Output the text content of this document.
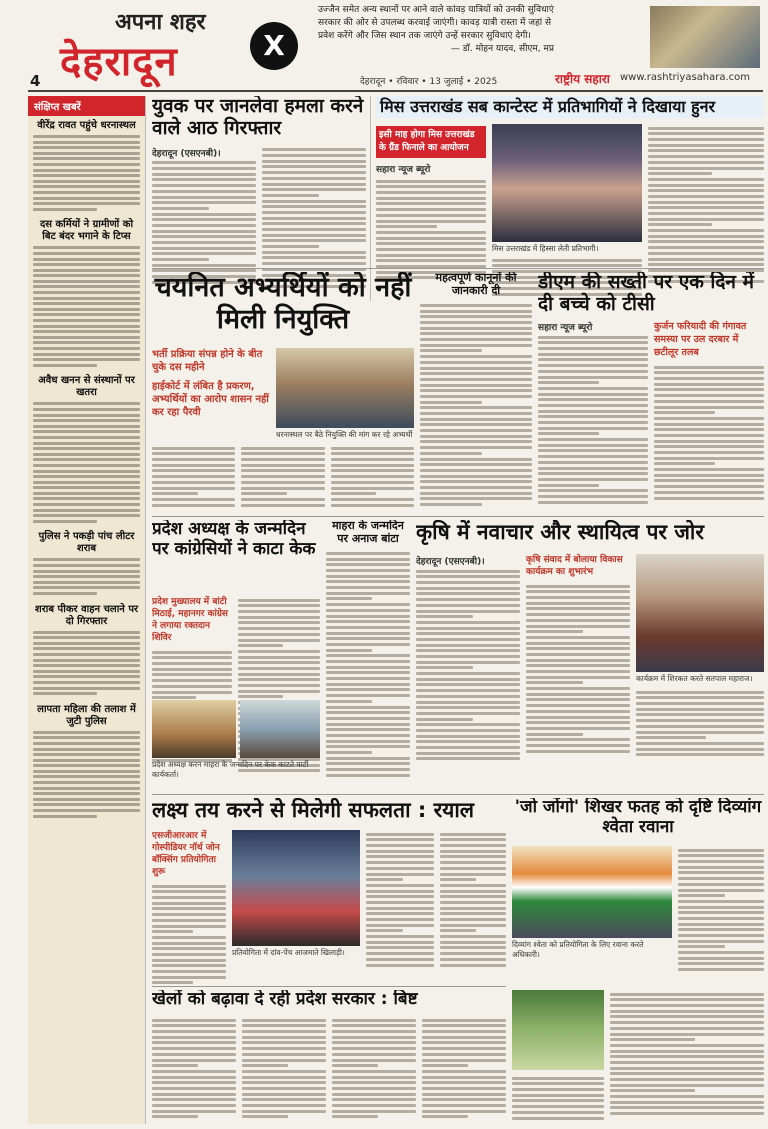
4
अपना शहर
देहरादून	X
उज्जैन समेत अन्य स्थानों पर आने वाले कांवड़ यात्रियों को उनकी सुविधाएं सरकार की ओर से उपलब्ध करवाई जाएंगी। कावड़ यात्री रास्ता में जहां से प्रवेश करेंगे और जिस स्थान तक जाएंगे उन्हें सरकार सुविधाएं देगी।
— डॉ. मोहन यादव, सीएम, मप्र
देहरादून • रविवार • 13 जुलाई • 2025	राष्ट्रीय सहारा www.rashtriyasahara.com
संक्षिप्त खबरें
वीरेंद्र रावत पहुंचे धरनास्थल
दस कर्मियों ने ग्रामीणों को बिट बंदर भगाने के टिप्स
अवैध खनन से संस्थानों पर खतरा
पुलिस ने पकड़ी पांच लीटर शराब
शराब पीकर वाहन चलाने पर दो गिरफ्तार
लापता महिला की तलाश में जुटी पुलिस
युवक पर जानलेवा हमला करने वाले आठ गिरफ्तार
देहरादून (एसएनबी)।
मिस उत्तराखंड सब कान्टेस्ट में प्रतिभागियों ने दिखाया हुनर
इसी माह होगा मिस उत्तराखंड के ग्रैंड फिनाले का आयोजन
सहारा न्यूज ब्यूरो
मिस उत्तराखंड में हिस्सा लेती प्रतिभागी।
चयनित अभ्यर्थियों को नहीं मिली नियुक्ति
भर्ती प्रक्रिया संपन्न होने के बीत चुके दस महीने
हाईकोर्ट में लंबित है प्रकरण, अभ्यर्थियों का आरोप शासन नहीं कर रहा पैरवी
धरनास्थल पर बैठे नियुक्ति की मांग कर रहे अभ्यर्थी
महत्वपूर्ण कानूनों की जानकारी दी	डीएम की सख्ती पर एक दिन में दी बच्चे को टीसी
सहारा न्यूज ब्यूरो	कुर्जन फरियादी की गंगावत समस्या पर उल दरबार में छटीलूर तलब
प्रदेश अध्यक्ष के जन्मदिन पर कांग्रेसियों ने काटा केक
प्रदेश मुख्यालय में बांटी मिठाई, महानगर कांग्रेस ने लगाया रक्तदान शिविर
प्रदेश अध्यक्ष करन माहरा के जन्मदिन पर केक काटते पार्टी कार्यकर्ता।
माहरा के जन्मदिन पर अनाज बांटा कृषि में नवाचार और स्थायित्व पर जोर
देहरादून (एसएनबी)।	कृषि संवाद में बोलाया विकास कार्यक्रम का शुभारंभ
कार्यक्रम में शिरकत करते सतपाल महाराज।
लक्ष्य तय करने से मिलेगी सफलता : रयाल
एसजीआरआर में गोस्पीडियर नॉर्थ जोन बॉक्सिंग प्रतियोगिता शुरू
प्रतियोगिता में दांव-पेंच आजमाते खिलाड़ी।
'जो जोंगो' शिखर फतह को दृष्टि दिव्यांग श्वेता रवाना
दिव्यांग श्वेता को प्रतियोगिता के लिए रवाना करते अधिकारी।
खेलों को बढ़ावा दे रही प्रदेश सरकार : बिष्ट
